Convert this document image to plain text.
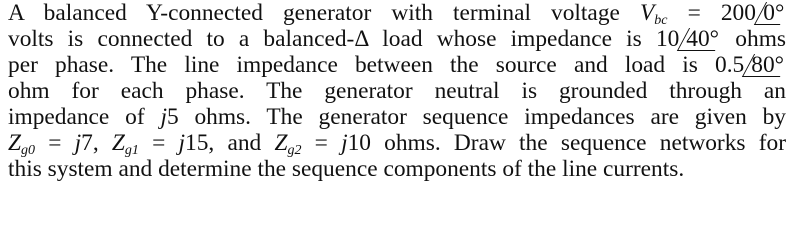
A balanced Y-connected generator with terminal voltage $V_{bc} = 200$ 0°
volts is connected to a balanced-Δ load whose impedance is 10 40° ohms
per phase. The line impedance between the source and load is 0.5 80°
ohm for each phase. The generator neutral is grounded through an
impedance of j5 ohms. The generator sequence impedances are given by
$Z_{g0} = j7$, $Z_{g1} = j15$, and $Z_{g2} = j10$ ohms. Draw the sequence networks for
this system and determine the sequence components of the line currents.
